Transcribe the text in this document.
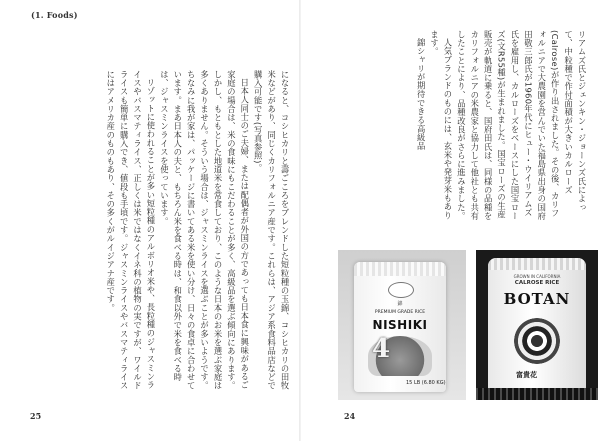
(1. Foods)

になると、コシヒカリと壽ごころをブレンドした短粒種の玉錦、コシヒカリの田牧米などがあり、同じくカリフォルニア産です。これらは、アジア系食料品店などで購入可能です(写真参照)。

日本人同士のご夫婦、または配偶者が外国の方であっても日本食に興味があるご家庭の場合は、米の食味にもこだわることが多く、高級品を選ぶ傾向にあります。しかし、もともとした地道米を常食しており、このような日本のお米を選ぶ家庭は多くありません。そういう場合は、ジャスミンライスを選ぶことが多いようです。ちなみに我が家は、パッケージに書いてある米を使い分け、日々の食卓に合わせています。まあ日本人の夫と、もちろん米を食べる時は、和食以外で米を食べる時は、ジャスミンライスを使っています。

リゾットに使われることが多い短粒種のアルボリオ米や、長粒種のジャスミンライスやバスマティライス、正しくは米ではなくイネ科の植物の実ですが、ワイルドライスも簡単に購入でき、値段も手頃です。ジャスミンライスやバスマティライスにはアメリカ産のものもあり、その多くがルイジアナ産です。

25

リアムズ氏とジェンキン・ジョーンズ氏によって、中粒種で作付面積が大きいカルローズ(Calrose)が作り出されました。その後、カリフォルニアで大農園を営んでいた福島県出身の国府田敬三郎氏が1960年代にヒュー・ウイリアムズ氏を雇用し、カルローズをベースにした国宝ローズ(文R55種)が生まれました。国宝ローズの生産販売が軌道に乗ると、国府田氏は、同様の品種をカリフォルニアの米農家と協力して他社とも共有したことにより、品種改良がさらに進みました。

人気ブランドのものには、玄米や発芽米もあります。

錦シャリが期待できる高級品

錦
PREMIUM GRADE RICE
NISHIKI
4
15 LB (6.80 KG)
GROWN IN CALIFORNIA
CALROSE RICE
BOTAN
富貴花
24
